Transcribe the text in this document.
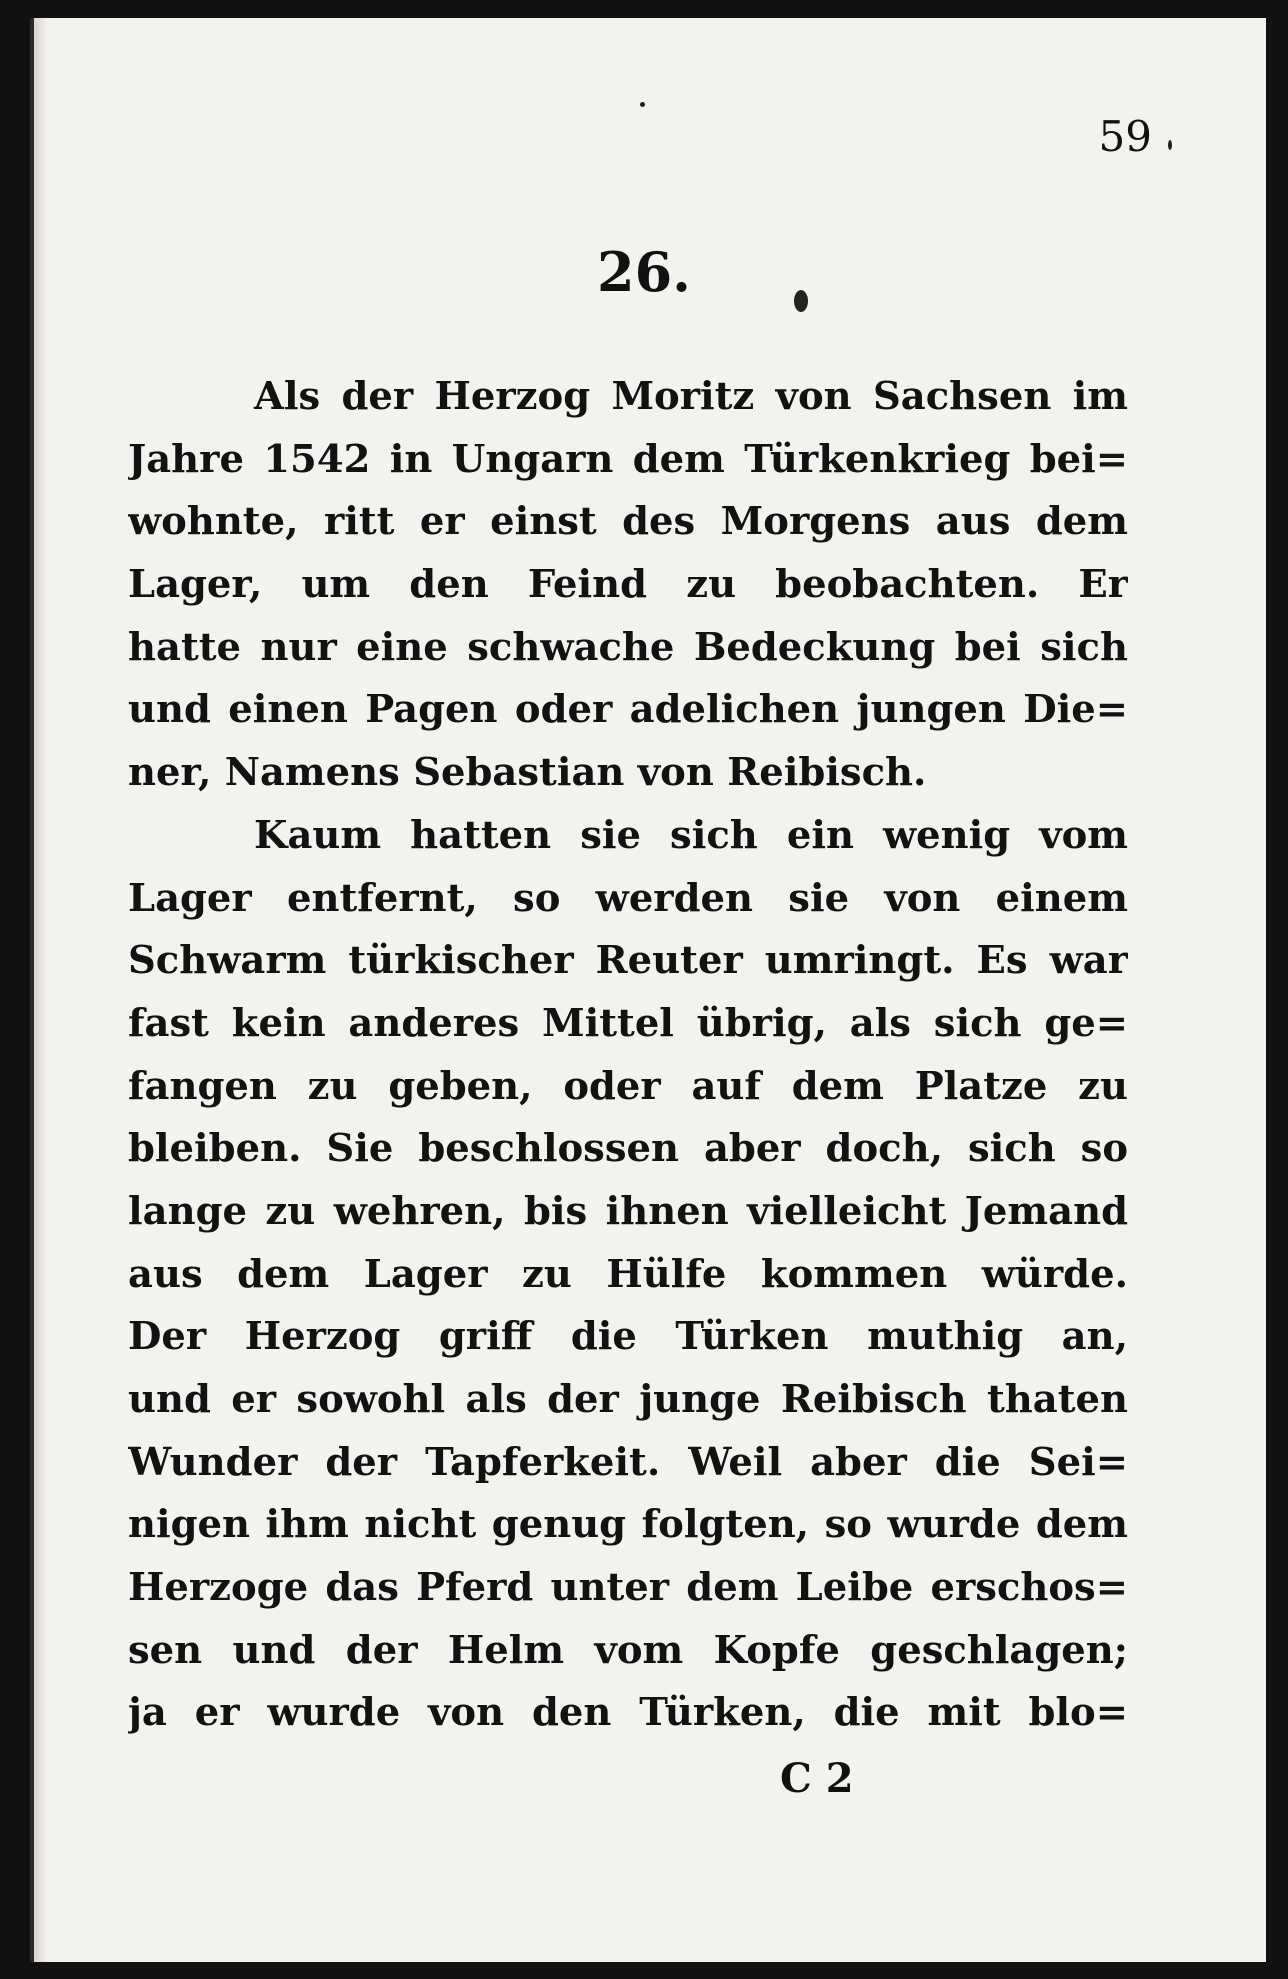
59
26.
Als der Herzog Moritz von Sachsen im
Jahre 1542 in Ungarn dem Türkenkrieg bei=
wohnte, ritt er einst des Morgens aus dem
Lager, um den Feind zu beobachten. Er
hatte nur eine schwache Bedeckung bei sich
und einen Pagen oder adelichen jungen Die=
ner, Namens Sebastian von Reibisch.
Kaum hatten sie sich ein wenig vom
Lager entfernt, so werden sie von einem
Schwarm türkischer Reuter umringt. Es war
fast kein anderes Mittel übrig, als sich ge=
fangen zu geben, oder auf dem Platze zu
bleiben. Sie beschlossen aber doch, sich so
lange zu wehren, bis ihnen vielleicht Jemand
aus dem Lager zu Hülfe kommen würde.
Der Herzog griff die Türken muthig an,
und er sowohl als der junge Reibisch thaten
Wunder der Tapferkeit. Weil aber die Sei=
nigen ihm nicht genug folgten, so wurde dem
Herzoge das Pferd unter dem Leibe erschos=
sen und der Helm vom Kopfe geschlagen;
ja er wurde von den Türken, die mit blo=
C 2
